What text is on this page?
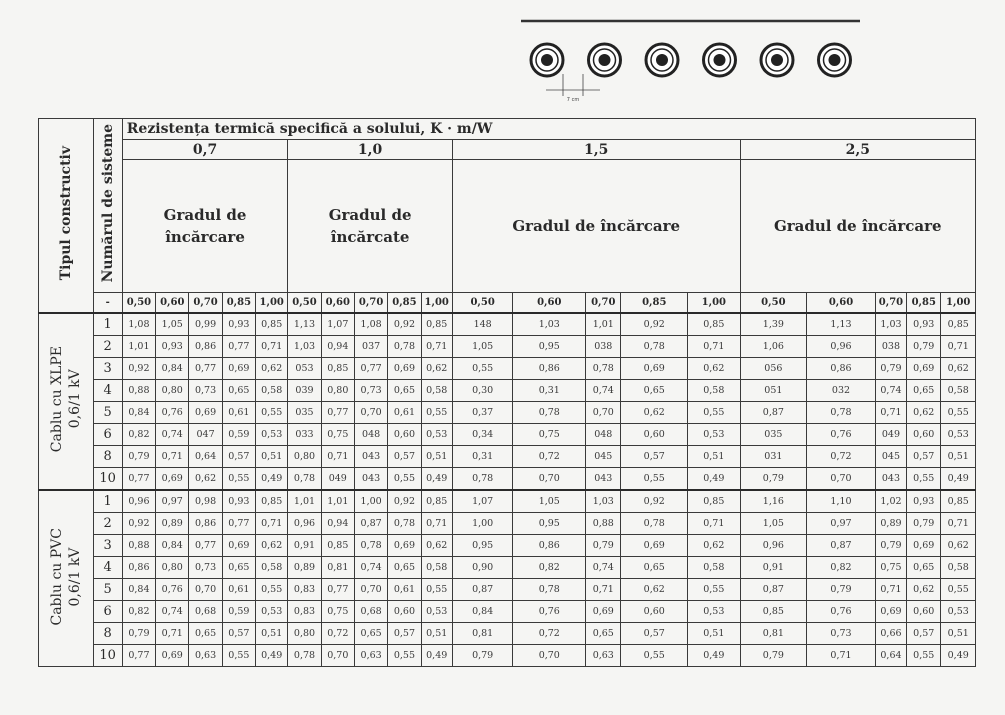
7 cm
Tipul constructiv	Numărul de sisteme	Rezistența termică specifică a solului, K · m/W																			
		0,7					1,0					1,5					2,5				
		Gradul de încărcare					Gradul de încărcate					Gradul de încărcare					Gradul de încărcare				
	-	0,50	0,60	0,70	0,85	1,00	0,50	0,60	0,70	0,85	1,00	0,50	0,60	0,70	0,85	1,00	0,50	0,60	0,70	0,85	1,00
Cablu cu XLPE 0,6/1 kV	1	1,08	1,05	0,99	0,93	0,85	1,13	1,07	1,08	0,92	0,85	148	1,03	1,01	0,92	0,85	1,39	1,13	1,03	0,93	0,85
	2	1,01	0,93	0,86	0,77	0,71	1,03	0,94	037	0,78	0,71	1,05	0,95	038	0,78	0,71	1,06	0,96	038	0,79	0,71
	3	0,92	0,84	0,77	0,69	0,62	053	0,85	0,77	0,69	0,62	0,55	0,86	0,78	0,69	0,62	056	0,86	0,79	0,69	0,62
	4	0,88	0,80	0,73	0,65	0,58	039	0,80	0,73	0,65	0,58	0,30	0,31	0,74	0,65	0,58	051	032	0,74	0,65	0,58
	5	0,84	0,76	0,69	0,61	0,55	035	0,77	0,70	0,61	0,55	0,37	0,78	0,70	0,62	0,55	0,87	0,78	0,71	0,62	0,55
	6	0,82	0,74	047	0,59	0,53	033	0,75	048	0,60	0,53	0,34	0,75	048	0,60	0,53	035	0,76	049	0,60	0,53
	8	0,79	0,71	0,64	0,57	0,51	0,80	0,71	043	0,57	0,51	0,31	0,72	045	0,57	0,51	031	0,72	045	0,57	0,51
	10	0,77	0,69	0,62	0,55	0,49	0,78	049	043	0,55	0,49	0,78	0,70	043	0,55	0,49	0,79	0,70	043	0,55	0,49
Cablu cu PVC 0,6/1 kV	1	0,96	0,97	0,98	0,93	0,85	1,01	1,01	1,00	0,92	0,85	1,07	1,05	1,03	0,92	0,85	1,16	1,10	1,02	0,93	0,85
	2	0,92	0,89	0,86	0,77	0,71	0,96	0,94	0,87	0,78	0,71	1,00	0,95	0,88	0,78	0,71	1,05	0,97	0,89	0,79	0,71
	3	0,88	0,84	0,77	0,69	0,62	0,91	0,85	0,78	0,69	0,62	0,95	0,86	0,79	0,69	0,62	0,96	0,87	0,79	0,69	0,62
	4	0,86	0,80	0,73	0,65	0,58	0,89	0,81	0,74	0,65	0,58	0,90	0,82	0,74	0,65	0,58	0,91	0,82	0,75	0,65	0,58
	5	0,84	0,76	0,70	0,61	0,55	0,83	0,77	0,70	0,61	0,55	0,87	0,78	0,71	0,62	0,55	0,87	0,79	0,71	0,62	0,55
	6	0,82	0,74	0,68	0,59	0,53	0,83	0,75	0,68	0,60	0,53	0,84	0,76	0,69	0,60	0,53	0,85	0,76	0,69	0,60	0,53
	8	0,79	0,71	0,65	0,57	0,51	0,80	0,72	0,65	0,57	0,51	0,81	0,72	0,65	0,57	0,51	0,81	0,73	0,66	0,57	0,51
	10	0,77	0,69	0,63	0,55	0,49	0,78	0,70	0,63	0,55	0,49	0,79	0,70	0,63	0,55	0,49	0,79	0,71	0,64	0,55	0,49
